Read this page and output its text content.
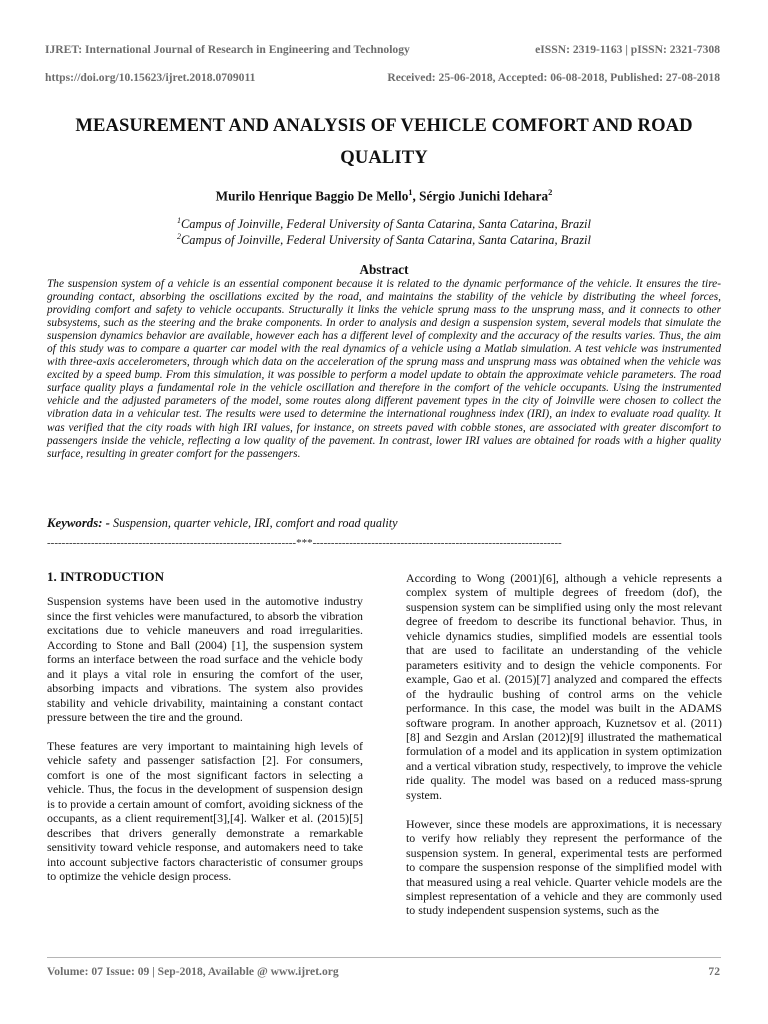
IJRET: International Journal of Research in Engineering and Technology	eISSN: 2319-1163 | pISSN: 2321-7308
https://doi.org/10.15623/ijret.2018.0709011	Received: 25-06-2018, Accepted: 06-08-2018, Published: 27-08-2018
MEASUREMENT AND ANALYSIS OF VEHICLE COMFORT AND ROAD QUALITY
Murilo Henrique Baggio De Mello$^1$, Sérgio Junichi Idehara$^2$
$^1$Campus of Joinville, Federal University of Santa Catarina, Santa Catarina, Brazil
$^2$Campus of Joinville, Federal University of Santa Catarina, Santa Catarina, Brazil
Abstract

The suspension system of a vehicle is an essential component because it is related to the dynamic performance of the vehicle. It ensures the tire-grounding contact, absorbing the oscillations excited by the road, and maintains the stability of the vehicle by distributing the wheel forces, providing comfort and safety to vehicle occupants. Structurally it links the vehicle sprung mass to the unsprung mass, and it connects to other subsystems, such as the steering and the brake components. In order to analysis and design a suspension system, several models that simulate the suspension dynamics behavior are available, however each has a different level of complexity and the accuracy of the results varies. Thus, the aim of this study was to compare a quarter car model with the real dynamics of a vehicle using a Matlab simulation. A test vehicle was instrumented with three-axis accelerometers, through which data on the acceleration of the sprung mass and unsprung mass was obtained when the vehicle was excited by a speed bump. From this simulation, it was possible to perform a model update to obtain the approximate vehicle parameters. The road surface quality plays a fundamental role in the vehicle oscillation and therefore in the comfort of the vehicle occupants. Using the instrumented vehicle and the adjusted parameters of the model, some routes along different pavement types in the city of Joinville were chosen to collect the vibration data in a vehicular test. The results were used to determine the international roughness index (IRI), an index to evaluate road quality. It was verified that the city roads with high IRI values, for instance, on streets paved with cobble stones, are associated with greater discomfort to passengers inside the vehicle, reflecting a low quality of the pavement. In contrast, lower IRI values are obtained for roads with a higher quality surface, resulting in greater comfort for the passengers.

Keywords: - Suspension, quarter vehicle, IRI, comfort and road quality
--------------------------------------------------------------------***--------------------------------------------------------------------
1. INTRODUCTION

Suspension systems have been used in the automotive industry since the first vehicles were manufactured, to absorb the vibration excitations due to vehicle maneuvers and road irregularities. According to Stone and Ball (2004) [1], the suspension system forms an interface between the road surface and the vehicle body and it plays a vital role in ensuring the comfort of the user, absorbing impacts and vibrations. The system also provides stability and vehicle drivability, maintaining a constant contact pressure between the tire and the ground.

These features are very important to maintaining high levels of vehicle safety and passenger satisfaction [2]. For consumers, comfort is one of the most significant factors in selecting a vehicle. Thus, the focus in the development of suspension design is to provide a certain amount of comfort, avoiding sickness of the occupants, as a client requirement[3],[4]. Walker et al. (2015)[5] describes that drivers generally demonstrate a remarkable sensitivity toward vehicle response, and automakers need to take into account subjective factors characteristic of consumer groups to optimize the vehicle design process.

According to Wong (2001)[6], although a vehicle represents a complex system of multiple degrees of freedom (dof), the suspension system can be simplified using only the most relevant degree of freedom to describe its functional behavior. Thus, in vehicle dynamics studies, simplified models are essential tools that are used to facilitate an understanding of the vehicle parameters esitivity and to design the vehicle components. For example, Gao et al. (2015)[7] analyzed and compared the effects of the hydraulic bushing of control arms on the vehicle performance. In this case, the model was built in the ADAMS software program. In another approach, Kuznetsov et al. (2011)[8] and Sezgin and Arslan (2012)[9] illustrated the mathematical formulation of a model and its application in system optimization and a vertical vibration study, respectively, to improve the vehicle ride quality. The model was based on a reduced mass-sprung system.

However, since these models are approximations, it is necessary to verify how reliably they represent the performance of the suspension system. In general, experimental tests are performed to compare the suspension response of the simplified model with that measured using a real vehicle. Quarter vehicle models are the simplest representation of a vehicle and they are commonly used to study independent suspension systems, such as the

Volume: 07 Issue: 09 | Sep-2018, Available @ www.ijret.org	72
